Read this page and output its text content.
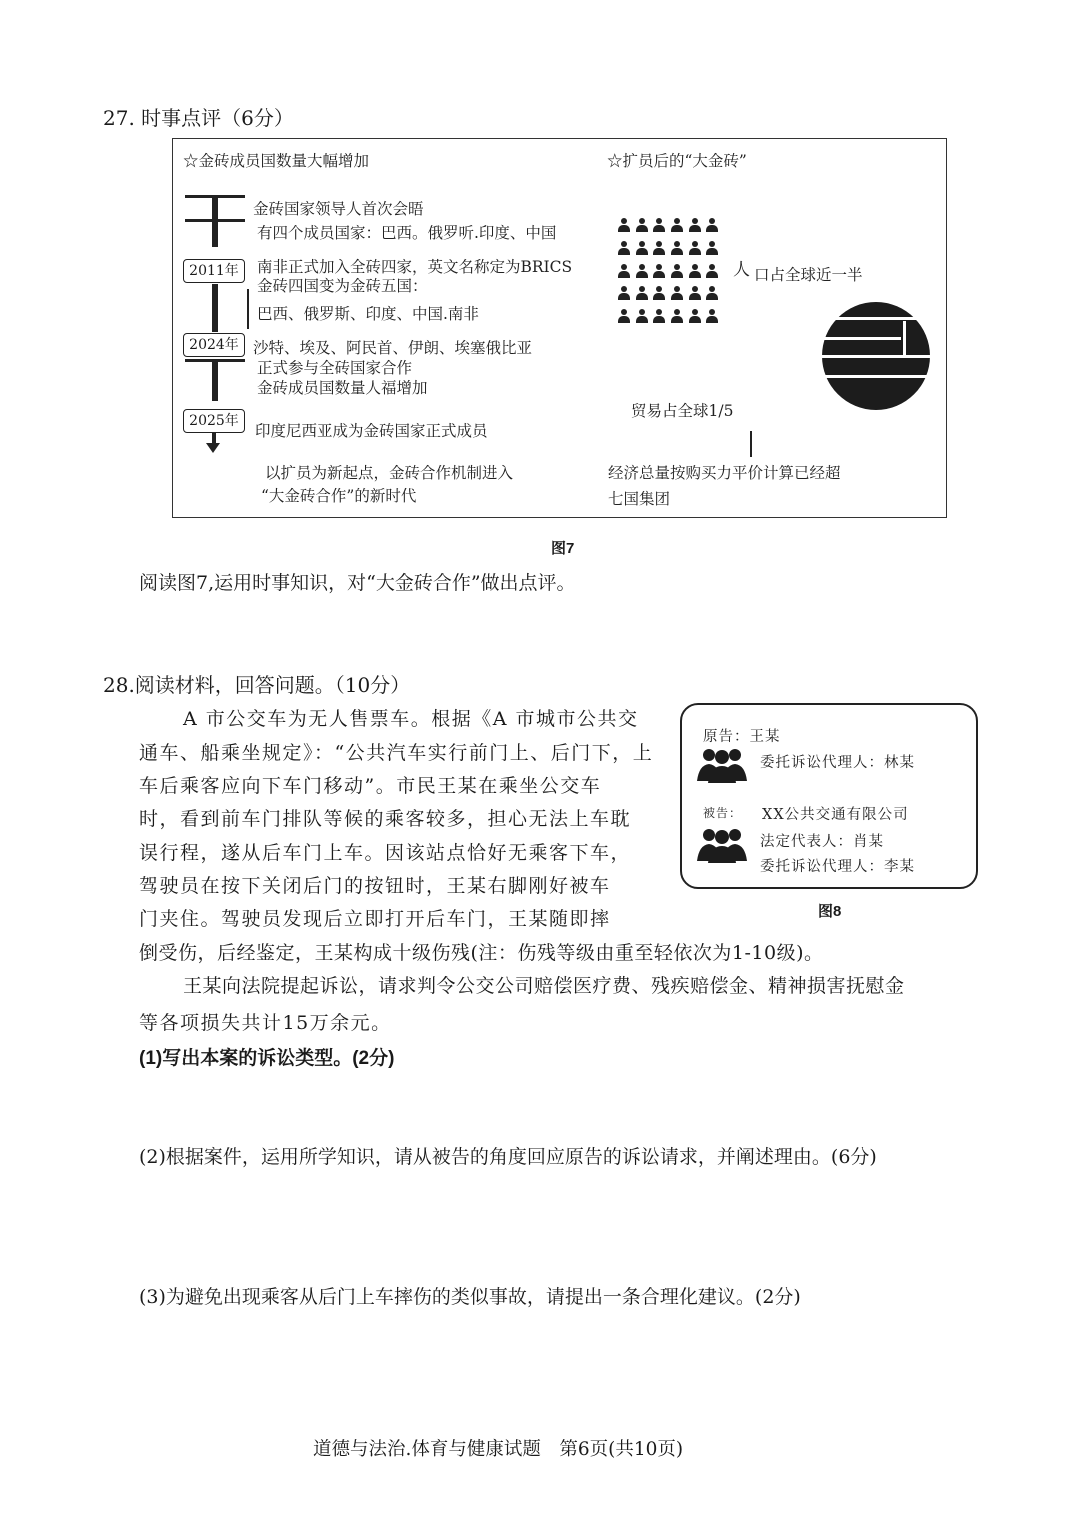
27. 时事点评（6分）
☆金砖成员国数量大幅增加	☆扩员后的“大金砖”
2011年
2024年
2025年
金砖国家领导人首次会晤
有四个成员国家：巴西。俄罗听.印度、中国
南非正式加入全砖四家，英文名称定为BRICS
金砖四国变为金砖五国：
巴西、俄罗斯、印度、中国.南非
沙特、埃及、阿民首、伊朗、埃塞俄比亚
正式参与全砖国家合作
金砖成员国数量人福增加
印度尼西亚成为金砖国家正式成员
以扩员为新起点，金砖合作机制进入
“大金砖合作”的新时代
人 口占全球近一半
贸易占全球1/5
经济总量按购买力平价计算已经超
七国集团
图7
阅读图7,运用时事知识，对“大金砖合作”做出点评。
28.阅读材料，回答问题。（10分）
A 市公交车为无人售票车。根据《A 市城市公共交
通车、船乘坐规定》：“公共汽车实行前门上、后门下，上
车后乘客应向下车门移动”。市民王某在乘坐公交车
时，看到前车门排队等候的乘客较多，担心无法上车耽
误行程，遂从后车门上车。因该站点恰好无乘客下车，
驾驶员在按下关闭后门的按钮时，王某右脚刚好被车
门夹住。驾驶员发现后立即打开后车门，王某随即摔
倒受伤，后经鉴定，王某构成十级伤残(注：伤残等级由重至轻依次为1-10级)。
王某向法院提起诉讼，请求判令公交公司赔偿医疗费、残疾赔偿金、精神损害抚慰金
等各项损失共计15万余元。
原告：王某
委托诉讼代理人：林某
被告： XX公共交通有限公司
法定代表人：肖某
委托诉讼代理人：李某
图8
(1)写出本案的诉讼类型。(2分)
(2)根据案件，运用所学知识，请从被告的角度回应原告的诉讼请求，并阐述理由。(6分)
(3)为避免出现乘客从后门上车摔伤的类似事故，请提出一条合理化建议。(2分)
道德与法治.体育与健康试题　第6页(共10页)
